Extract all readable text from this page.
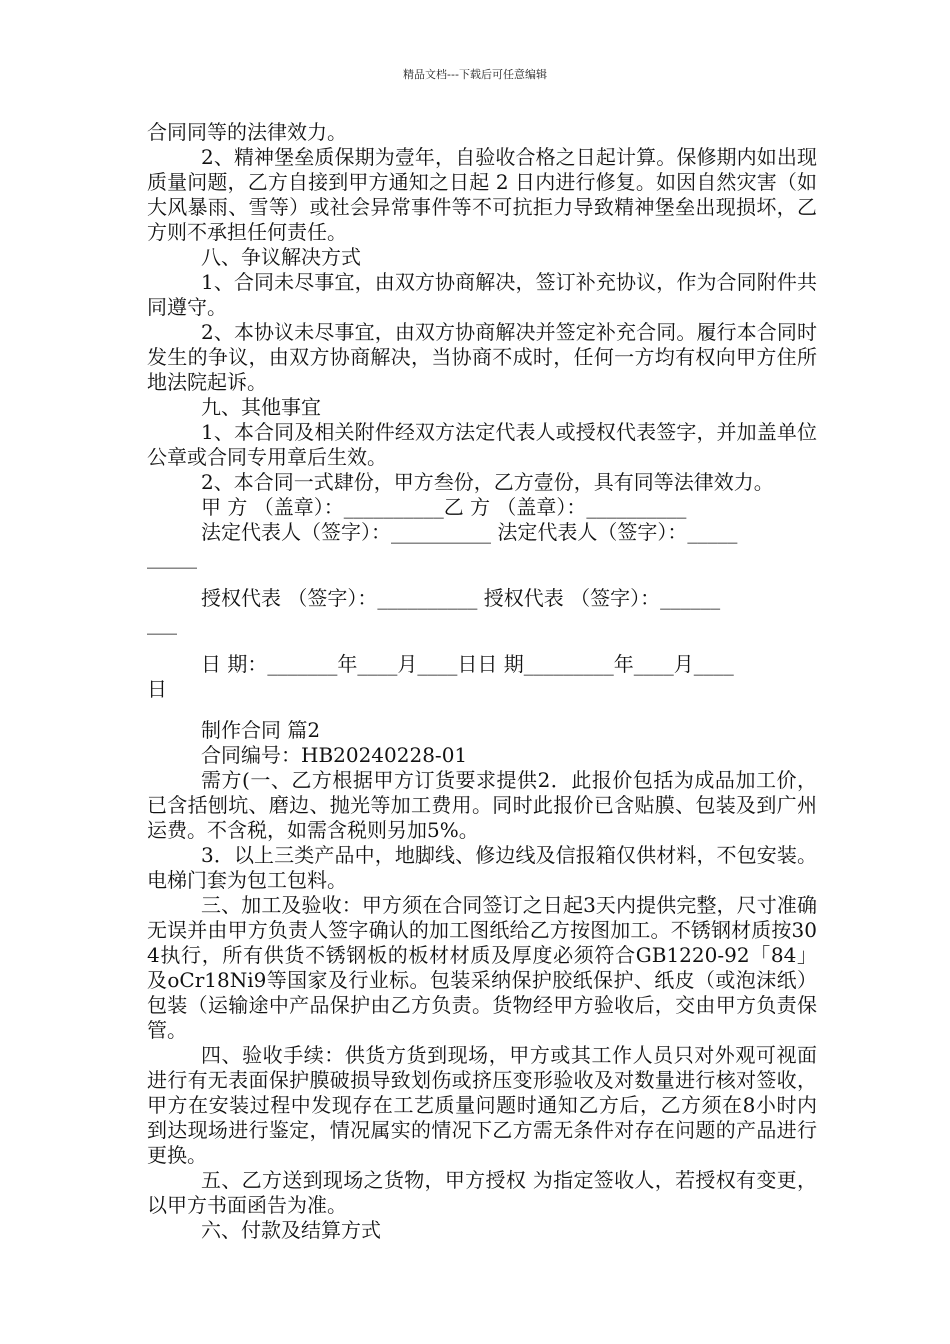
精品文档---下载后可任意编辑

合同同等的法律效力。

2、精神堡垒质保期为壹年，自验收合格之日起计算。保修期内如出现质量问题，乙方自接到甲方通知之日起 2 日内进行修复。如因自然灾害（如大风暴雨、雪等）或社会异常事件等不可抗拒力导致精神堡垒出现损坏，乙方则不承担任何责任。

八、争议解决方式

1、合同未尽事宜，由双方协商解决，签订补充协议，作为合同附件共同遵守。

2、本协议未尽事宜，由双方协商解决并签定补充合同。履行本合同时发生的争议，由双方协商解决，当协商不成时，任何一方均有权向甲方住所地法院起诉。

九、其他事宜

1、本合同及相关附件经双方法定代表人或授权代表签字，并加盖单位公章或合同专用章后生效。

2、本合同一式肆份，甲方叁份，乙方壹份，具有同等法律效力。

甲 方 （盖章）：__________乙 方 （盖章）：__________

法定代表人（签字）：__________ 法定代表人（签字）：_____

_____

授权代表 （签字）：__________ 授权代表 （签字）：______

___

日 期：_______年____月____日日 期_________年____月____

日

制作合同 篇2

合同编号：HB20240228-01

需方(一、乙方根据甲方订货要求提供2．此报价包括为成品加工价，已含括刨坑、磨边、抛光等加工费用。同时此报价已含贴膜、包装及到广州运费。不含税，如需含税则另加5%。

3．以上三类产品中，地脚线、修边线及信报箱仅供材料，不包安装。电梯门套为包工包料。

三、加工及验收：甲方须在合同签订之日起3天内提供完整，尺寸准确无误并由甲方负责人签字确认的加工图纸给乙方按图加工。不锈钢材质按304执行，所有供货不锈钢板的板材材质及厚度必须符合GB1220-92「84」及oCr18Ni9等国家及行业标。包装采纳保护胶纸保护、纸皮（或泡沫纸）包装（运输途中产品保护由乙方负责。货物经甲方验收后，交由甲方负责保管。

四、验收手续：供货方货到现场，甲方或其工作人员只对外观可视面进行有无表面保护膜破损导致划伤或挤压变形验收及对数量进行核对签收，甲方在安装过程中发现存在工艺质量问题时通知乙方后，乙方须在8小时内到达现场进行鉴定，情况属实的情况下乙方需无条件对存在问题的产品进行更换。

五、乙方送到现场之货物，甲方授权 为指定签收人，若授权有变更，以甲方书面函告为准。

六、付款及结算方式
